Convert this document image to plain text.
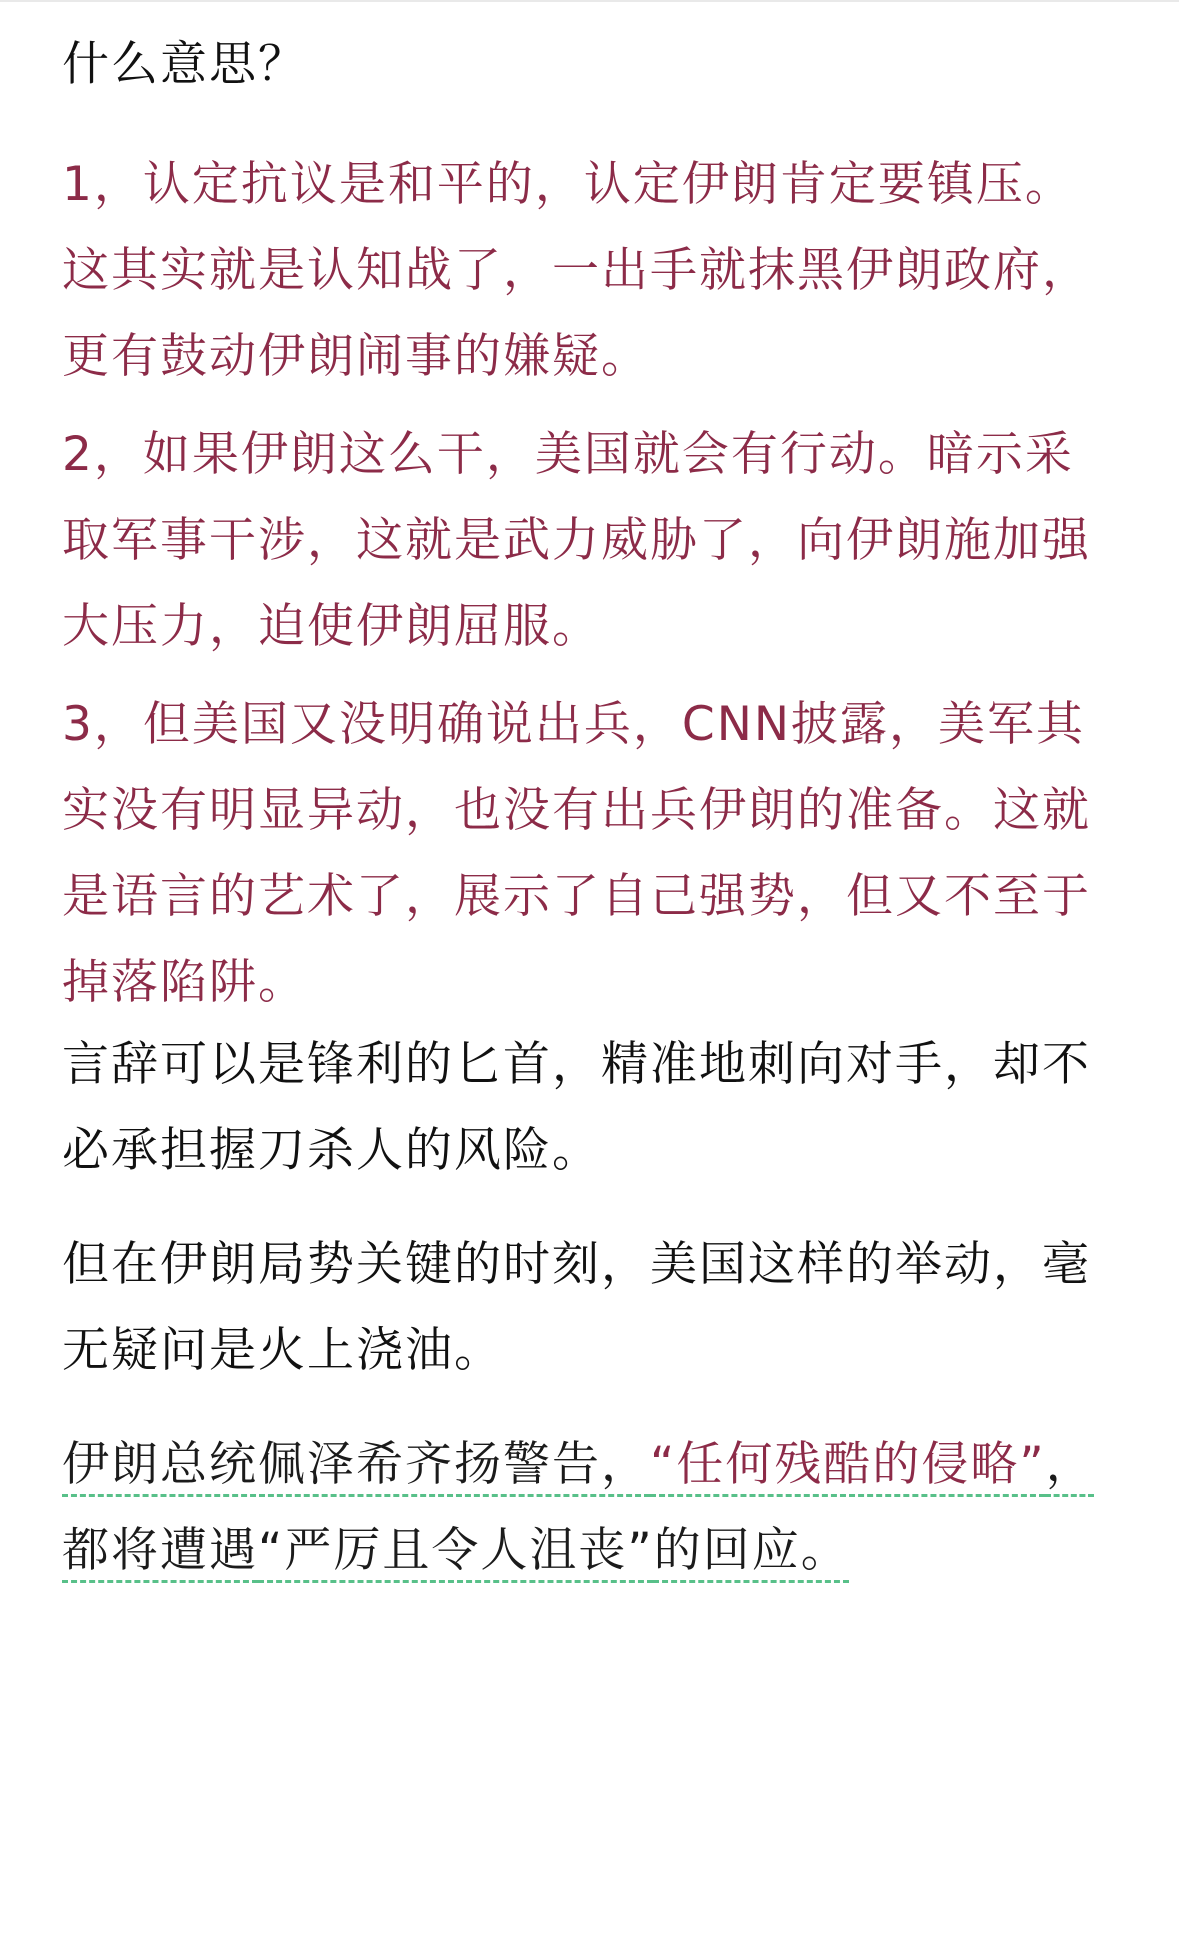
什么意思？

1，认定抗议是和平的，认定伊朗肯定要镇压。这其实就是认知战了，一出手就抹黑伊朗政府，更有鼓动伊朗闹事的嫌疑。

2，如果伊朗这么干，美国就会有行动。暗示采取军事干涉，这就是武力威胁了，向伊朗施加强大压力，迫使伊朗屈服。

3，但美国又没明确说出兵，CNN披露，美军其实没有明显异动，也没有出兵伊朗的准备。这就是语言的艺术了，展示了自己强势，但又不至于掉落陷阱。

言辞可以是锋利的匕首，精准地刺向对手，却不必承担握刀杀人的风险。

但在伊朗局势关键的时刻，美国这样的举动，毫无疑问是火上浇油。

伊朗总统佩泽希齐扬警告，“任何残酷的侵略”，都将遭遇“严厉且令人沮丧”的回应。
